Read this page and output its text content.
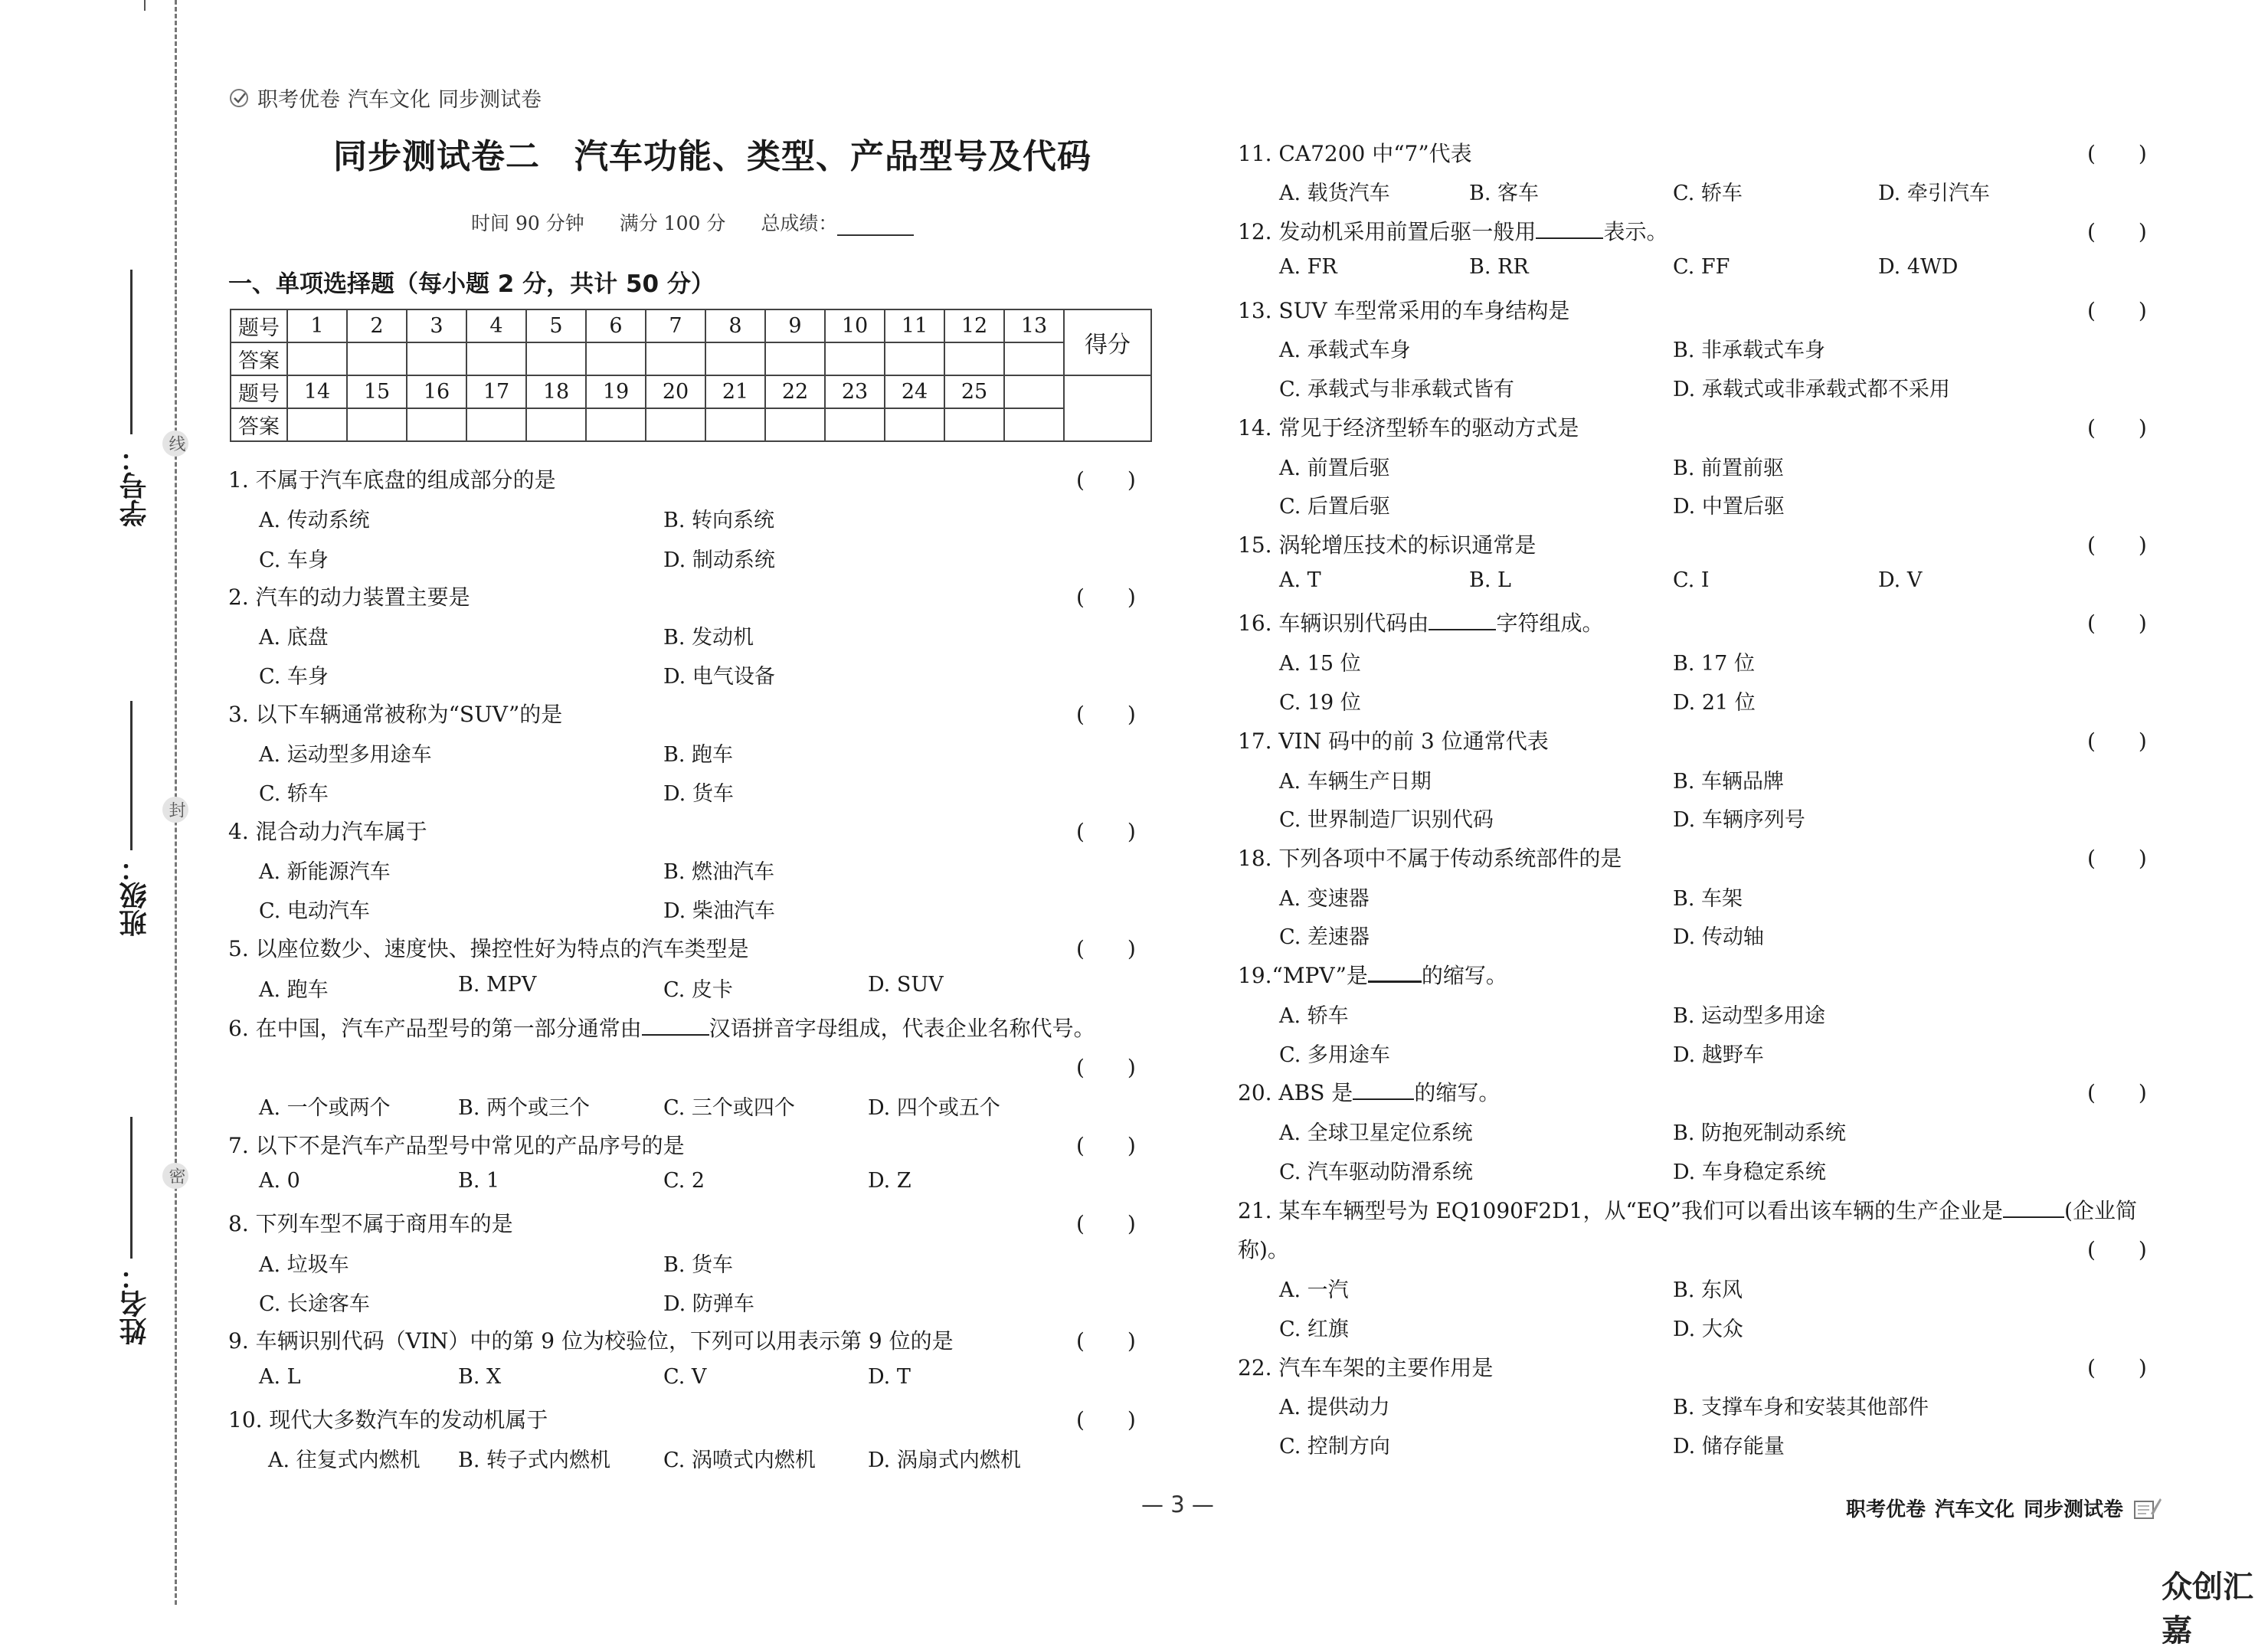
线
封
密
学号：
班级：
姓名：
职考优卷 汽车文化 同步测试卷
同步测试卷二　汽车功能、类型、产品型号及代码
时间 90 分钟 满分 100 分 总成绩：
一、单项选择题（每小题 2 分，共计 50 分）
题号	1	2	3	4	5	6	7	8	9	10	11	12	13	得分
答案														
题号	14	15	16	17	18	19	20	21	22	23	24	25		
答案														
1. 不属于汽车底盘的组成部分的是	(　　)
A. 传动系统	B. 转向系统
C. 车身	D. 制动系统
2. 汽车的动力装置主要是	(　　)
A. 底盘	B. 发动机
C. 车身	D. 电气设备
3. 以下车辆通常被称为“SUV”的是	(　　)
A. 运动型多用途车	B. 跑车
C. 轿车	D. 货车
4. 混合动力汽车属于	(　　)
A. 新能源汽车	B. 燃油汽车
C. 电动汽车	D. 柴油汽车
5. 以座位数少、速度快、操控性好为特点的汽车类型是	(　　)
A. 跑车	B. MPV	C. 皮卡	D. SUV
6. 在中国，汽车产品型号的第一部分通常由	汉语拼音字母组成，代表企业名称代号。
(　　)
A. 一个或两个	B. 两个或三个	C. 三个或四个	D. 四个或五个
7. 以下不是汽车产品型号中常见的产品序号的是	(　　)
A. 0	B. 1	C. 2	D. Z
8. 下列车型不属于商用车的是	(　　)
A. 垃圾车	B. 货车
C. 长途客车	D. 防弹车
9. 车辆识别代码（VIN）中的第 9 位为校验位，下列可以用表示第 9 位的是	(　　)
A. L	B. X	C. V	D. T
10. 现代大多数汽车的发动机属于	(　　)
A. 往复式内燃机 B. 转子式内燃机	C. 涡喷式内燃机	D. 涡扇式内燃机
11. CA7200 中“7”代表	(　　)
A. 载货汽车	B. 客车	C. 轿车	D. 牵引汽车
12. 发动机采用前置后驱一般用	表示。	(　　)
A. FR	B. RR	C. FF	D. 4WD
13. SUV 车型常采用的车身结构是	(　　)
A. 承载式车身	B. 非承载式车身
C. 承载式与非承载式皆有	D. 承载式或非承载式都不采用
14. 常见于经济型轿车的驱动方式是	(　　)
A. 前置后驱	B. 前置前驱
C. 后置后驱	D. 中置后驱
15. 涡轮增压技术的标识通常是	(　　)
A. T	B. L	C. I	D. V
16. 车辆识别代码由	字符组成。	(　　)
A. 15 位	B. 17 位
C. 19 位	D. 21 位
17. VIN 码中的前 3 位通常代表	(　　)
A. 车辆生产日期	B. 车辆品牌
C. 世界制造厂识别代码	D. 车辆序列号
18. 下列各项中不属于传动系统部件的是	(　　)
A. 变速器	B. 车架
C. 差速器	D. 传动轴
19.“MPV”是	的缩写。
A. 轿车	B. 运动型多用途
C. 多用途车	D. 越野车
20. ABS 是	的缩写。	(　　)
A. 全球卫星定位系统	B. 防抱死制动系统
C. 汽车驱动防滑系统	D. 车身稳定系统
21. 某车车辆型号为 EQ1090F2D1，从“EQ”我们可以看出该车辆的生产企业是	(企业简
称)。	(　　)
A. 一汽	B. 东风
C. 红旗	D. 大众
22. 汽车车架的主要作用是	(　　)
A. 提供动力	B. 支撑车身和安装其他部件
C. 控制方向	D. 储存能量
— 3 —	职考优卷 汽车文化 同步测试卷
众创汇嘉
